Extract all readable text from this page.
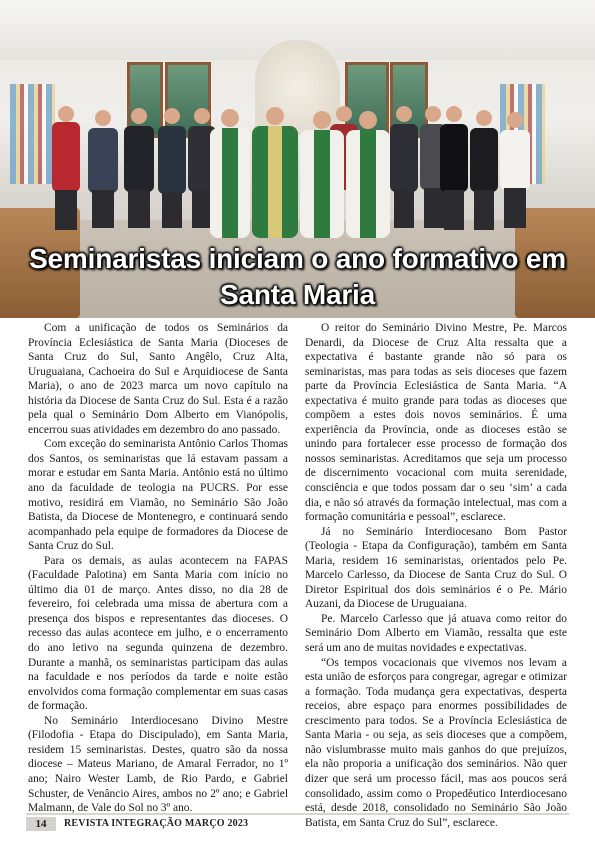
Seminaristas iniciam o ano formativo em
Santa Maria

Com a unificação de todos os Seminários da Província Eclesiástica de Santa Maria (Dioceses de Santa Cruz do Sul, Santo Angêlo, Cruz Alta, Uruguaiana, Cachoeira do Sul e Arquidiocese de Santa Maria), o ano de 2023 marca um novo capítulo na história da Diocese de Santa Cruz do Sul. Esta é a razão pela qual o Seminário Dom Alberto em Vianópolis, encerrou suas atividades em dezembro do ano passado.

Com exceção do seminarista Antônio Carlos Thomas dos Santos, os seminaristas que lá estavam passam a morar e estudar em Santa Maria. Antônio está no último ano da faculdade de teologia na PUCRS. Por esse motivo, residirá em Viamão, no Seminário São João Batista, da Diocese de Montenegro, e continuará sendo acompanhado pela equipe de formadores da Diocese de Santa Cruz do Sul.

Para os demais, as aulas acontecem na FAPAS (Faculdade Palotina) em Santa Maria com início no último dia 01 de março. Antes disso, no dia 28 de fevereiro, foi celebrada uma missa de abertura com a presença dos bispos e representantes das dioceses. O recesso das aulas acontece em julho, e o encerramento do ano letivo na segunda quinzena de dezembro. Durante a manhã, os seminaristas participam das aulas na faculdade e nos períodos da tarde e noite estão envolvidos coma formação complementar em suas casas de formação.

No Seminário Interdiocesano Divino Mestre (Filodofia - Etapa do Discipulado), em Santa Maria, residem 15 seminaristas. Destes, quatro são da nossa diocese – Mateus Mariano, de Amaral Ferrador, no 1º ano; Nairo Wester Lamb, de Rio Pardo, e Gabriel Schuster, de Venâncio Aires, ambos no 2º ano; e Gabriel Malmann, de Vale do Sol no 3º ano.

O reitor do Seminário Divino Mestre, Pe. Marcos Denardi, da Diocese de Cruz Alta ressalta que a expectativa é bastante grande não só para os seminaristas, mas para todas as seis dioceses que fazem parte da Província Eclesiástica de Santa Maria. “A expectativa é muito grande para todas as dioceses que compõem a estes dois novos seminários. É uma experiência da Província, onde as dioceses estão se unindo para fortalecer esse processo de formação dos nossos seminaristas. Acreditamos que seja um processo de discernimento vocacional com muita serenidade, consciência e que todos possam dar o seu ‘sim’ a cada dia, e não só através da formação intelectual, mas com a formação comunitária e pessoal”, esclarece.

Já no Seminário Interdiocesano Bom Pastor (Teologia - Etapa da Configuração), também em Santa Maria, residem 16 seminaristas, orientados pelo Pe. Marcelo Carlesso, da Diocese de Santa Cruz do Sul. O Diretor Espiritual dos dois seminários é o Pe. Mário Auzani, da Diocese de Uruguaiana.

Pe. Marcelo Carlesso que já atuava como reitor do Seminário Dom Alberto em Viamão, ressalta que este será um ano de muitas novidades e expectativas.

“Os tempos vocacionais que vivemos nos levam a esta união de esforços para congregar, agregar e otimizar a formação. Toda mudança gera expectativas, desperta receios, abre espaço para enormes possibilidades de crescimento para todos. Se a Província Eclesiástica de Santa Maria - ou seja, as seis dioceses que a compõem, não vislumbrasse muito mais ganhos do que prejuízos, ela não proporia a unificação dos seminários. Não quer dizer que será um processo fácil, mas aos poucos será consolidado, assim como o Propedêutico Interdiocesano está, desde 2018, consolidado no Seminário São João Batista, em Santa Cruz do Sul”, esclarece.

14	REVISTA INTEGRAÇÃO MARÇO 2023
